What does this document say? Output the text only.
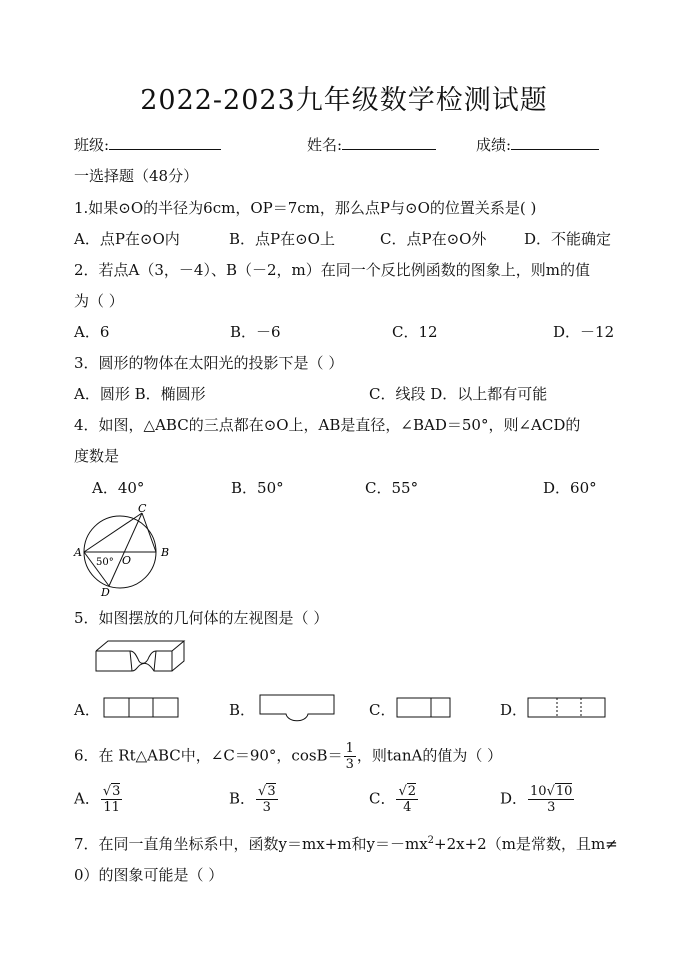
2022-2023九年级数学检测试题
班级:	姓名:	成绩:
一选择题（48分）
1.如果⊙O的半径为6cm，OP＝7cm，那么点P与⊙O的位置关系是( )
A．点P在⊙O内	B．点P在⊙O上	C．点P在⊙O外	D．不能确定
2．若点A（3，－4）、B（－2，m）在同一个反比例函数的图象上，则m的值
为（ ）
A．6	B．－6	C．12	D．－12
3．圆形的物体在太阳光的投影下是（ ）
A．圆形 B．椭圆形	C．线段 D．以上都有可能
4．如图，△ABC的三点都在⊙O上，AB是直径，∠BAD＝50°，则∠ACD的
度数是
A．40°	B．50°	C．55°	D．60°
A	B
C
D
O
50°
5．如图摆放的几何体的左视图是（ ）
A．	B．	C．	D．
6．在 Rt△ABC中，∠C＝90°，$\cos B= \frac{1}{3}$ ，则tanA的值为（ ）
A． $\frac{√3}{11}$	B． $\frac{√3}{3}$	C． $\frac{√2}{4}$	D． $\frac{10√10}{3}$
7．在同一直角坐标系中，函数y＝mx+m和$y=-mx^2+2x+2(m$是常数，且m≠
0）的图象可能是（ ）
